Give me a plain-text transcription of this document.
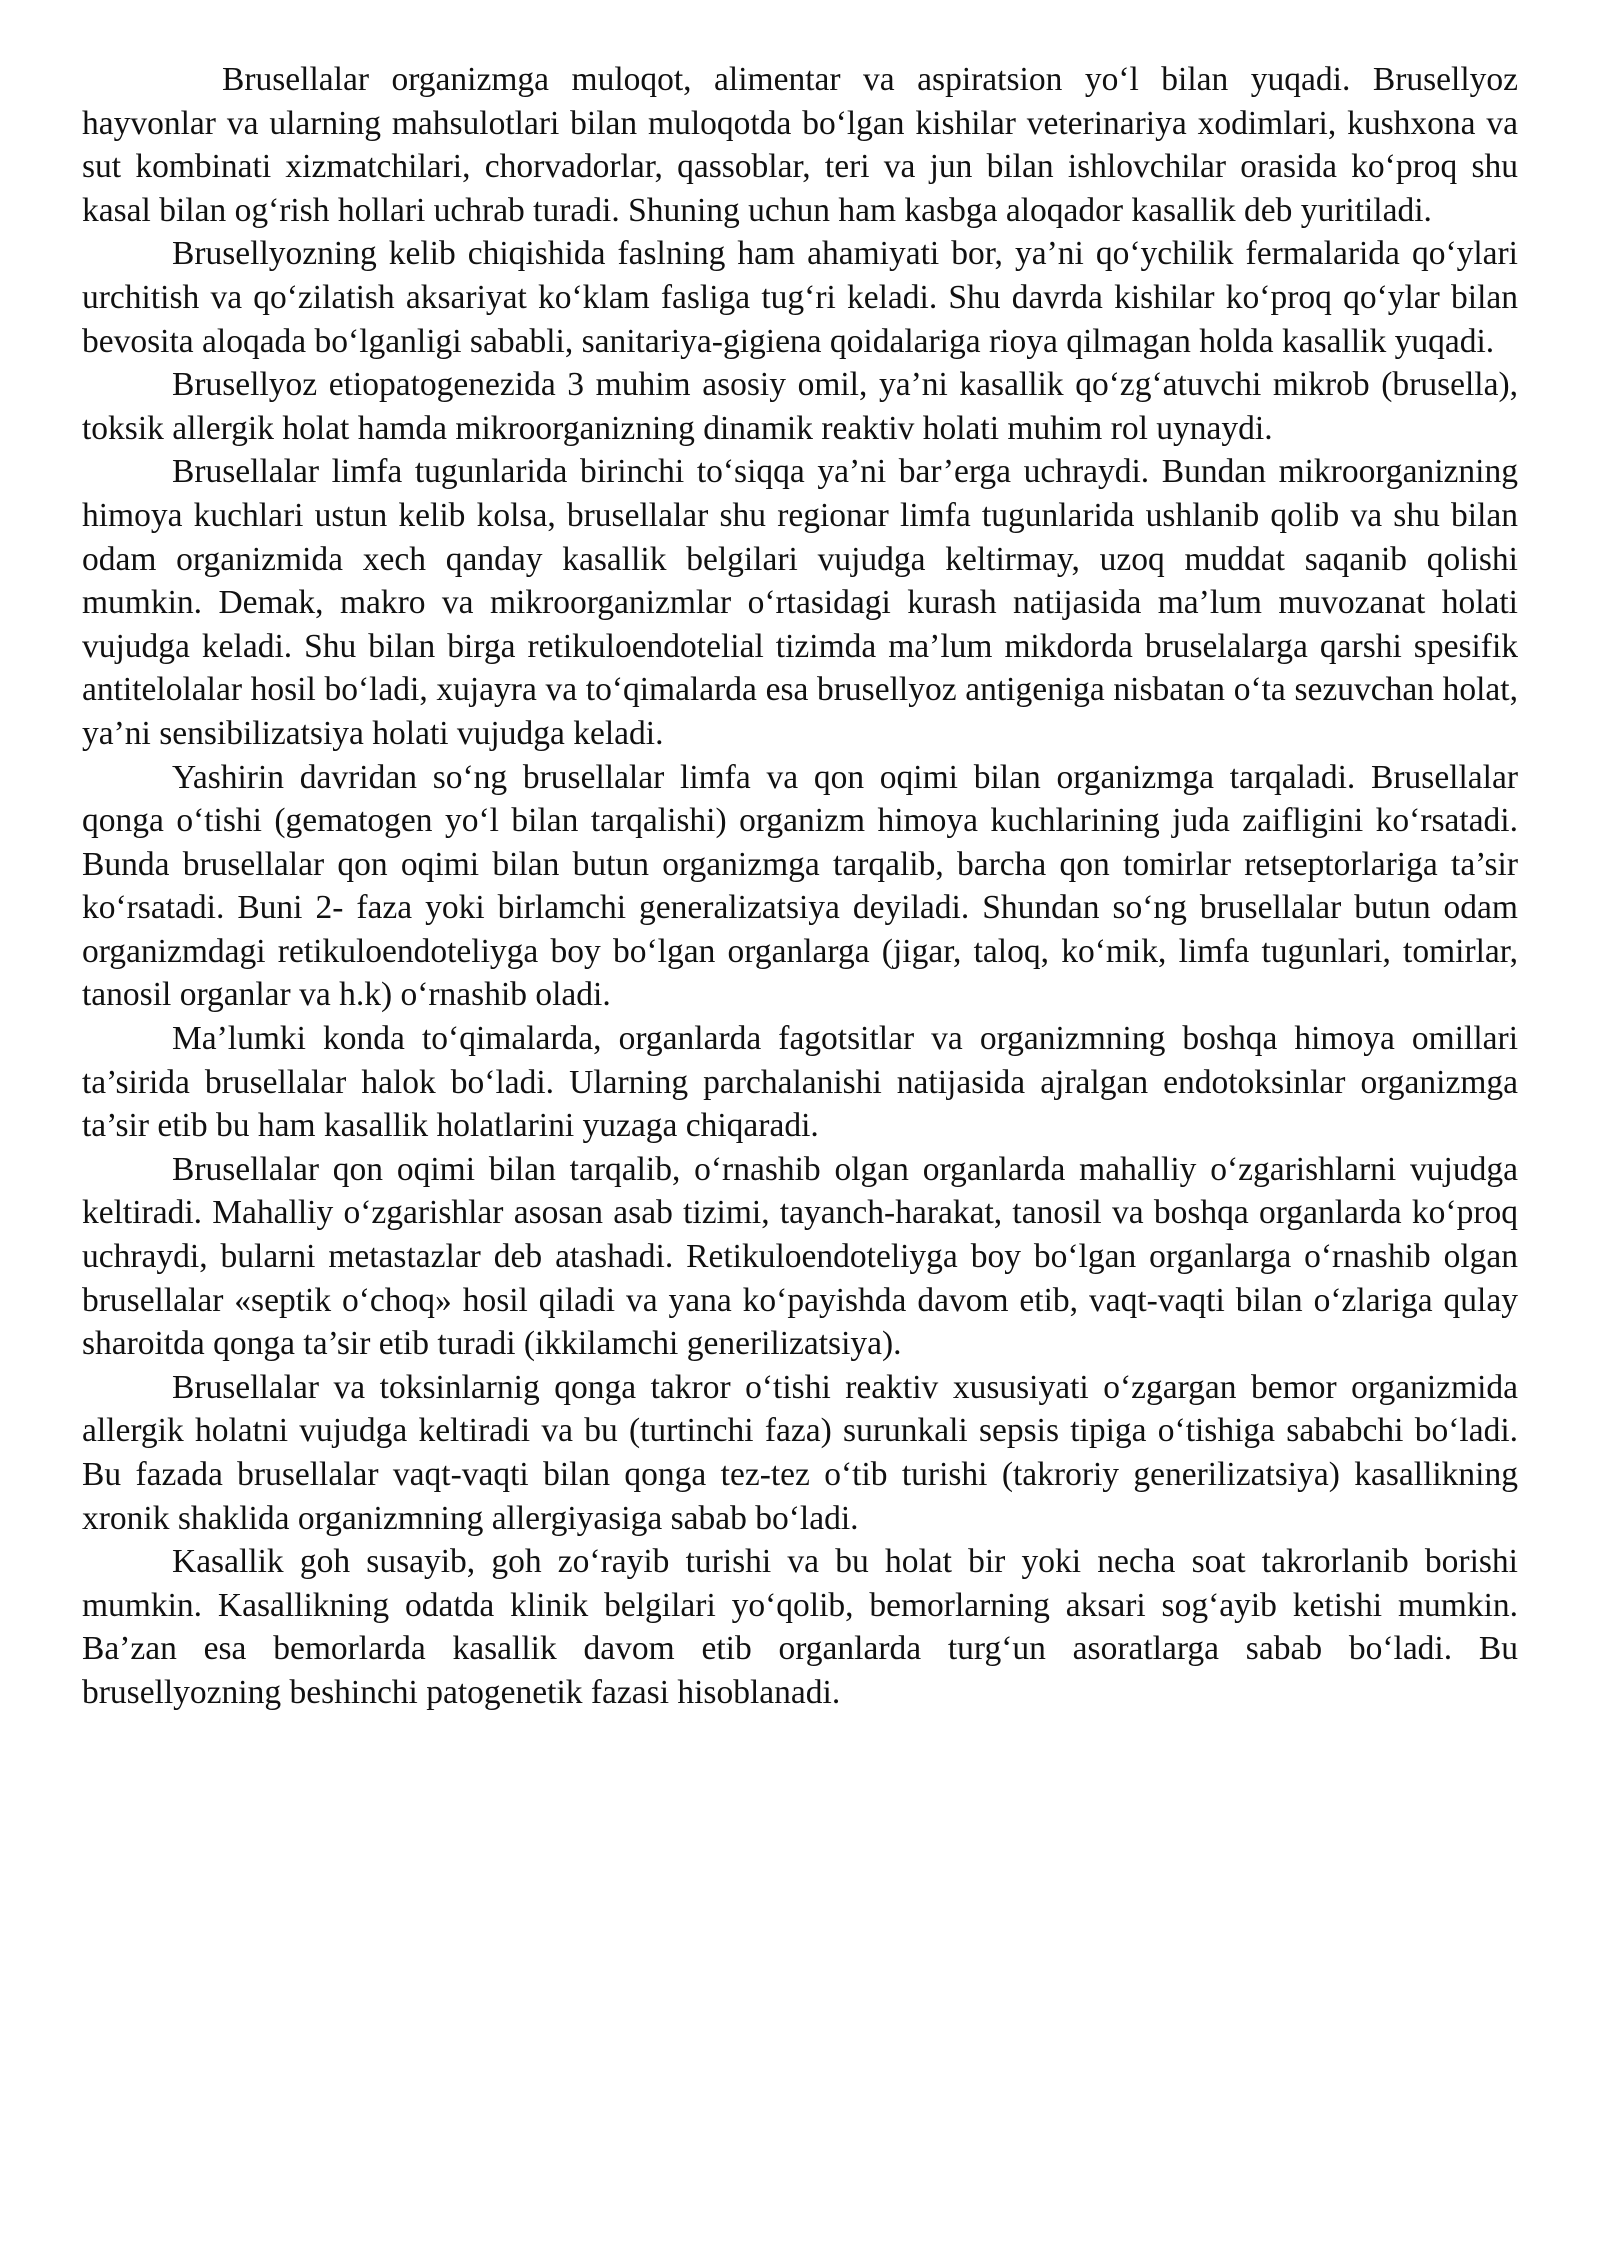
Brusellalar organizmga muloqot, alimentar va aspiratsion yo‘l bilan yuqadi. Brusellyoz hayvonlar va ularning mahsulotlari bilan muloqotda bo‘lgan kishilar veterinariya xodimlari, kushxona va sut kombinati xizmatchilari, chorvadorlar, qassoblar, teri va jun bilan ishlovchilar orasida ko‘proq shu kasal bilan og‘rish hollari uchrab turadi. Shuning uchun ham kasbga aloqador kasallik deb yuritiladi.

Brusellyozning kelib chiqishida faslning ham ahamiyati bor, ya’ni qo‘ychilik fermalarida qo‘ylari urchitish va qo‘zilatish aksariyat ko‘klam fasliga tug‘ri keladi. Shu davrda kishilar ko‘proq qo‘ylar bilan bevosita aloqada bo‘lganligi sababli, sanitariya-gigiena qoidalariga rioya qilmagan holda kasallik yuqadi.

Brusellyoz etiopatogenezida 3 muhim asosiy omil, ya’ni kasallik qo‘zg‘atuvchi mikrob (brusella), toksik allergik holat hamda mikroorganizning dinamik reaktiv holati muhim rol uynaydi.

Brusellalar limfa tugunlarida birinchi to‘siqqa ya’ni bar’erga uchraydi. Bundan mikroorganizning himoya kuchlari ustun kelib kolsa, brusellalar shu regionar limfa tugunlarida ushlanib qolib va shu bilan odam organizmida xech qanday kasallik belgilari vujudga keltirmay, uzoq muddat saqanib qolishi mumkin. Demak, makro va mikroorganizmlar o‘rtasidagi kurash natijasida ma’lum muvozanat holati vujudga keladi. Shu bilan birga retikuloendotelial tizimda ma’lum mikdorda bruselalarga qarshi spesifik antitelolalar hosil bo‘ladi, xujayra va to‘qimalarda esa brusellyoz antigeniga nisbatan o‘ta sezuvchan holat, ya’ni sensibilizatsiya holati vujudga keladi.

Yashirin davridan so‘ng brusellalar limfa va qon oqimi bilan organizmga tarqaladi. Brusellalar qonga o‘tishi (gematogen yo‘l bilan tarqalishi) organizm himoya kuchlarining juda zaifligini ko‘rsatadi. Bunda brusellalar qon oqimi bilan butun organizmga tarqalib, barcha qon tomirlar retseptorlariga ta’sir ko‘rsatadi. Buni 2- faza yoki birlamchi generalizatsiya deyiladi. Shundan so‘ng brusellalar butun odam organizmdagi retikuloendoteliyga boy bo‘lgan organlarga (jigar, taloq, ko‘mik, limfa tugunlari, tomirlar, tanosil organlar va h.k) o‘rnashib oladi.

Ma’lumki konda to‘qimalarda, organlarda fagotsitlar va organizmning boshqa himoya omillari ta’sirida brusellalar halok bo‘ladi. Ularning parchalanishi natijasida ajralgan endotoksinlar organizmga ta’sir etib bu ham kasallik holatlarini yuzaga chiqaradi.

Brusellalar qon oqimi bilan tarqalib, o‘rnashib olgan organlarda mahalliy o‘zgarishlarni vujudga keltiradi. Mahalliy o‘zgarishlar asosan asab tizimi, tayanch-harakat, tanosil va boshqa organlarda ko‘proq uchraydi, bularni metastazlar deb atashadi. Retikuloendoteliyga boy bo‘lgan organlarga o‘rnashib olgan brusellalar «septik o‘choq» hosil qiladi va yana ko‘payishda davom etib, vaqt-vaqti bilan o‘zlariga qulay sharoitda qonga ta’sir etib turadi (ikkilamchi generilizatsiya).

Brusellalar va toksinlarnig qonga takror o‘tishi reaktiv xususiyati o‘zgargan bemor organizmida allergik holatni vujudga keltiradi va bu (turtinchi faza) surunkali sepsis tipiga o‘tishiga sababchi bo‘ladi. Bu fazada brusellalar vaqt-vaqti bilan qonga tez-tez o‘tib turishi (takroriy generilizatsiya) kasallikning xronik shaklida organizmning allergiyasiga sabab bo‘ladi.

Kasallik goh susayib, goh zo‘rayib turishi va bu holat bir yoki necha soat takrorlanib borishi mumkin. Kasallikning odatda klinik belgilari yo‘qolib, bemorlarning aksari sog‘ayib ketishi mumkin. Ba’zan esa bemorlarda kasallik davom etib organlarda turg‘un asoratlarga sabab bo‘ladi. Bu brusellyozning beshinchi patogenetik fazasi hisoblanadi.
